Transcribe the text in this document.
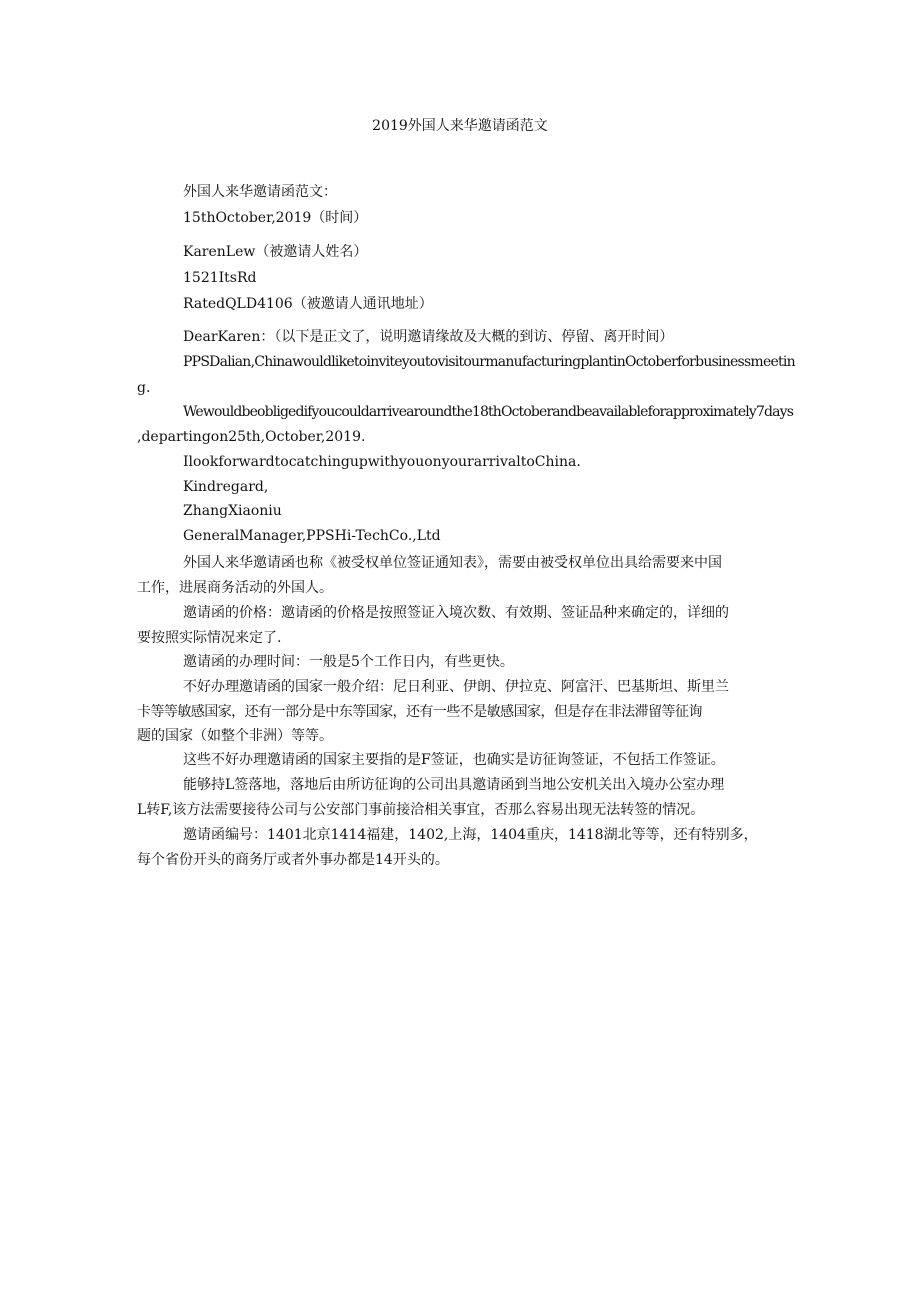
2019外国人来华邀请函范文
外国人来华邀请函范文：
15thOctober,2019（时间）
KarenLew（被邀请人姓名）
1521ItsRd
RatedQLD4106（被邀请人通讯地址）
DearKaren：（以下是正文了，说明邀请缘故及大概的到访、停留、离开时间）
PPSDalian,ChinawouldliketoinviteyoutovisitourmanufacturingplantinOctoberforbusinessmeetin
g.
Wewouldbeobligedifyoucouldarrivearoundthe18thOctoberandbeavailableforapproximately7days
,departingon25th,October,2019.
IlookforwardtocatchingupwithyouonyourarrivaltoChina.
Kindregard,
ZhangXiaoniu
GeneralManager,PPSHi-TechCo.,Ltd
外国人来华邀请函也称《被受权单位签证通知表》，需要由被受权单位出具给需要来中国
工作，进展商务活动的外国人。
邀请函的价格：邀请函的价格是按照签证入境次数、有效期、签证品种来确定的，详细的
要按照实际情况来定了.
邀请函的办理时间：一般是5个工作日内，有些更快。
不好办理邀请函的国家一般介绍：尼日利亚、伊朗、伊拉克、阿富汗、巴基斯坦、斯里兰
卡等等敏感国家，还有一部分是中东等国家，还有一些不是敏感国家，但是存在非法滞留等征询
题的国家（如整个非洲）等等。
这些不好办理邀请函的国家主要指的是F签证，也确实是访征询签证，不包括工作签证。
能够持L签落地，落地后由所访征询的公司出具邀请函到当地公安机关出入境办公室办理
L转F,该方法需要接待公司与公安部门事前接洽相关事宜，否那么容易出现无法转签的情况。
邀请函编号：1401北京1414福建，1402,上海，1404重庆，1418湖北等等，还有特别多，
每个省份开头的商务厅或者外事办都是14开头的。
